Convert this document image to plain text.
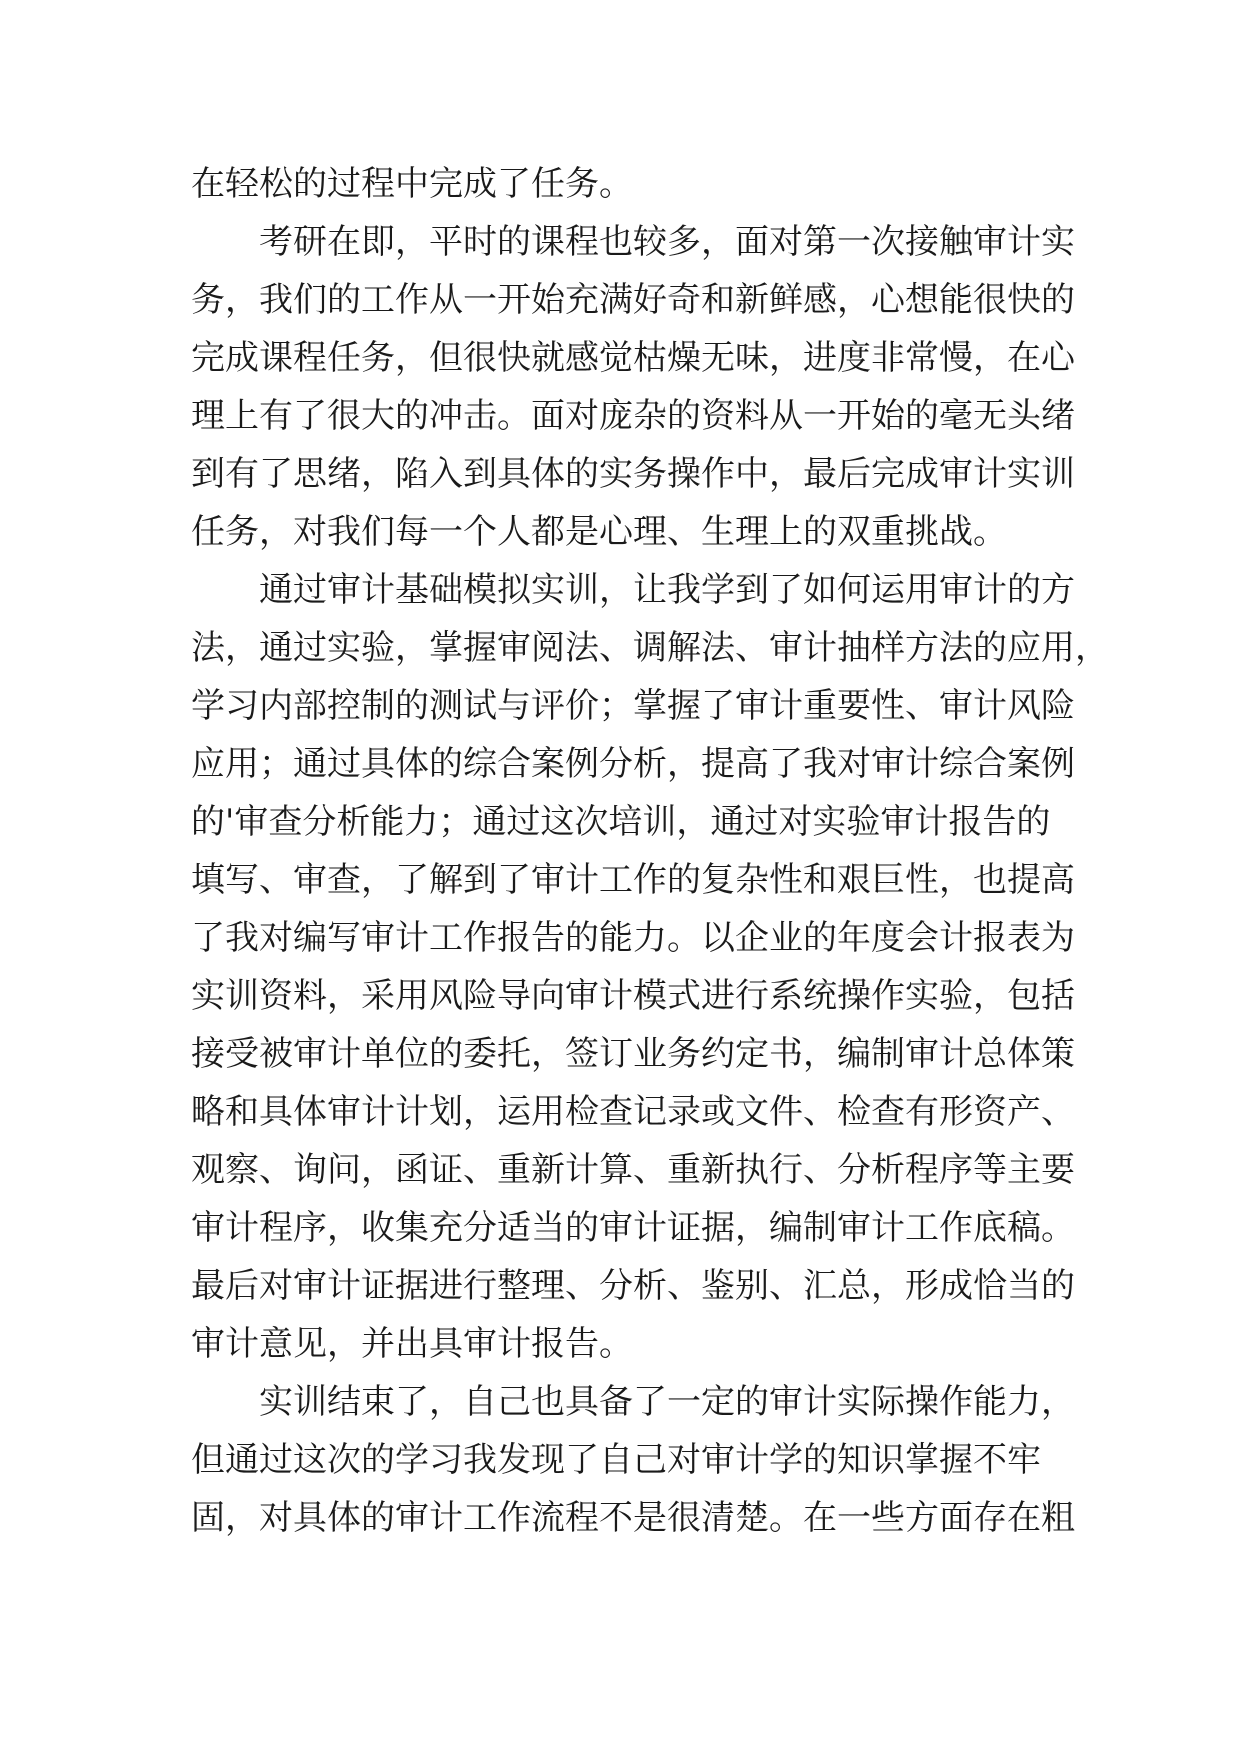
在轻松的过程中完成了任务。
　　考研在即，平时的课程也较多，面对第一次接触审计实
务，我们的工作从一开始充满好奇和新鲜感，心想能很快的
完成课程任务，但很快就感觉枯燥无味，进度非常慢，在心
理上有了很大的冲击。面对庞杂的资料从一开始的毫无头绪
到有了思绪，陷入到具体的实务操作中，最后完成审计实训
任务，对我们每一个人都是心理、生理上的双重挑战。
　　通过审计基础模拟实训，让我学到了如何运用审计的方
法，通过实验，掌握审阅法、调解法、审计抽样方法的应用，
学习内部控制的测试与评价；掌握了审计重要性、审计风险
应用；通过具体的综合案例分析，提高了我对审计综合案例
的'审查分析能力；通过这次培训，通过对实验审计报告的
填写、审查，了解到了审计工作的复杂性和艰巨性，也提高
了我对编写审计工作报告的能力。以企业的年度会计报表为
实训资料，采用风险导向审计模式进行系统操作实验，包括
接受被审计单位的委托，签订业务约定书，编制审计总体策
略和具体审计计划，运用检查记录或文件、检查有形资产、
观察、询问，函证、重新计算、重新执行、分析程序等主要
审计程序，收集充分适当的审计证据，编制审计工作底稿。
最后对审计证据进行整理、分析、鉴别、汇总，形成恰当的
审计意见，并出具审计报告。
　　实训结束了，自己也具备了一定的审计实际操作能力，
但通过这次的学习我发现了自己对审计学的知识掌握不牢
固，对具体的审计工作流程不是很清楚。在一些方面存在粗
